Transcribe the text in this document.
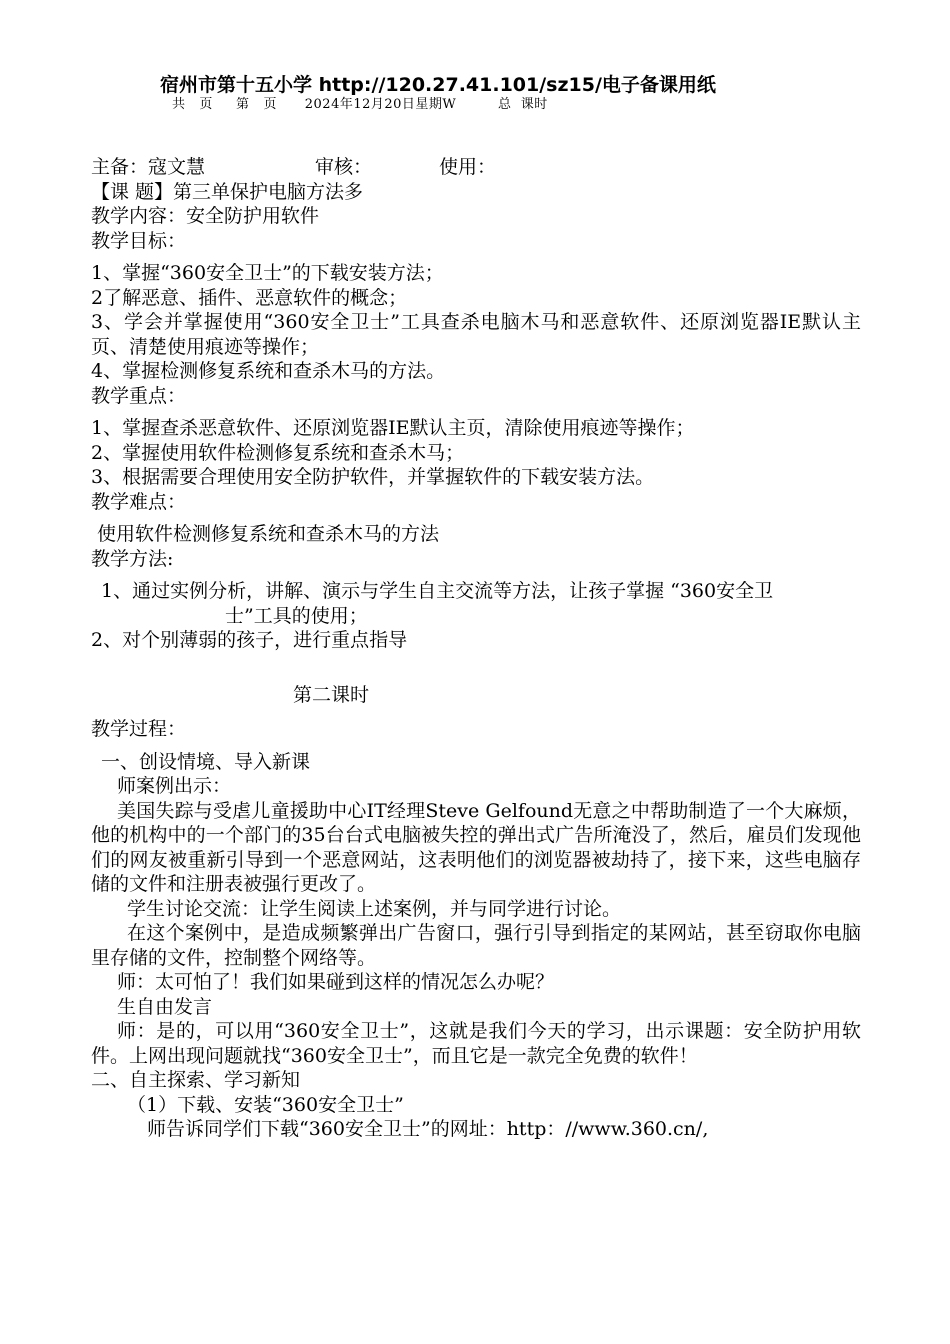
宿州市第十五小学 http://120.27.41.101/sz15/电子备课用纸
共   页     第   页      2024年12月20日星期W         总  课时
主备：寇文慧	审核：	使用：
【课 题】第三单保护电脑方法多
教学内容：安全防护用软件
教学目标：
1、掌握“360安全卫士”的下载安装方法；
2了解恶意、插件、恶意软件的概念；
3、学会并掌握使用“360安全卫士”工具查杀电脑木马和恶意软件、还原浏览器IE默认主页、清楚使用痕迹等操作；
4、掌握检测修复系统和查杀木马的方法。
教学重点：
1、掌握查杀恶意软件、还原浏览器IE默认主页，清除使用痕迹等操作；
2、掌握使用软件检测修复系统和查杀木马；
3、根据需要合理使用安全防护软件，并掌握软件的下载安装方法。
教学难点：
使用软件检测修复系统和查杀木马的方法
教学方法:
1、通过实例分析，讲解、演示与学生自主交流等方法，让孩子掌握 “360安全卫
士”工具的使用；
2、对个别薄弱的孩子，进行重点指导
第二课时
教学过程：
一、创设情境、导入新课
师案例出示：
美国失踪与受虐儿童援助中心IT经理Steve Gelfound无意之中帮助制造了一个大麻烦，他的机构中的一个部门的35台台式电脑被失控的弹出式广告所淹没了，然后，雇员们发现他们的网友被重新引导到一个恶意网站，这表明他们的浏览器被劫持了，接下来，这些电脑存储的文件和注册表被强行更改了。
学生讨论交流：让学生阅读上述案例，并与同学进行讨论。
在这个案例中，是造成频繁弹出广告窗口，强行引导到指定的某网站，甚至窃取你电脑里存储的文件，控制整个网络等。
师：太可怕了！我们如果碰到这样的情况怎么办呢？
生自由发言
师：是的，可以用“360安全卫士”，这就是我们今天的学习，出示课题：安全防护用软件。上网出现问题就找“360安全卫士”，而且它是一款完全免费的软件！
二、自主探索、学习新知
（1）下载、安装“360安全卫士”
师告诉同学们下载“360安全卫士”的网址：http：//www.360.cn/,
